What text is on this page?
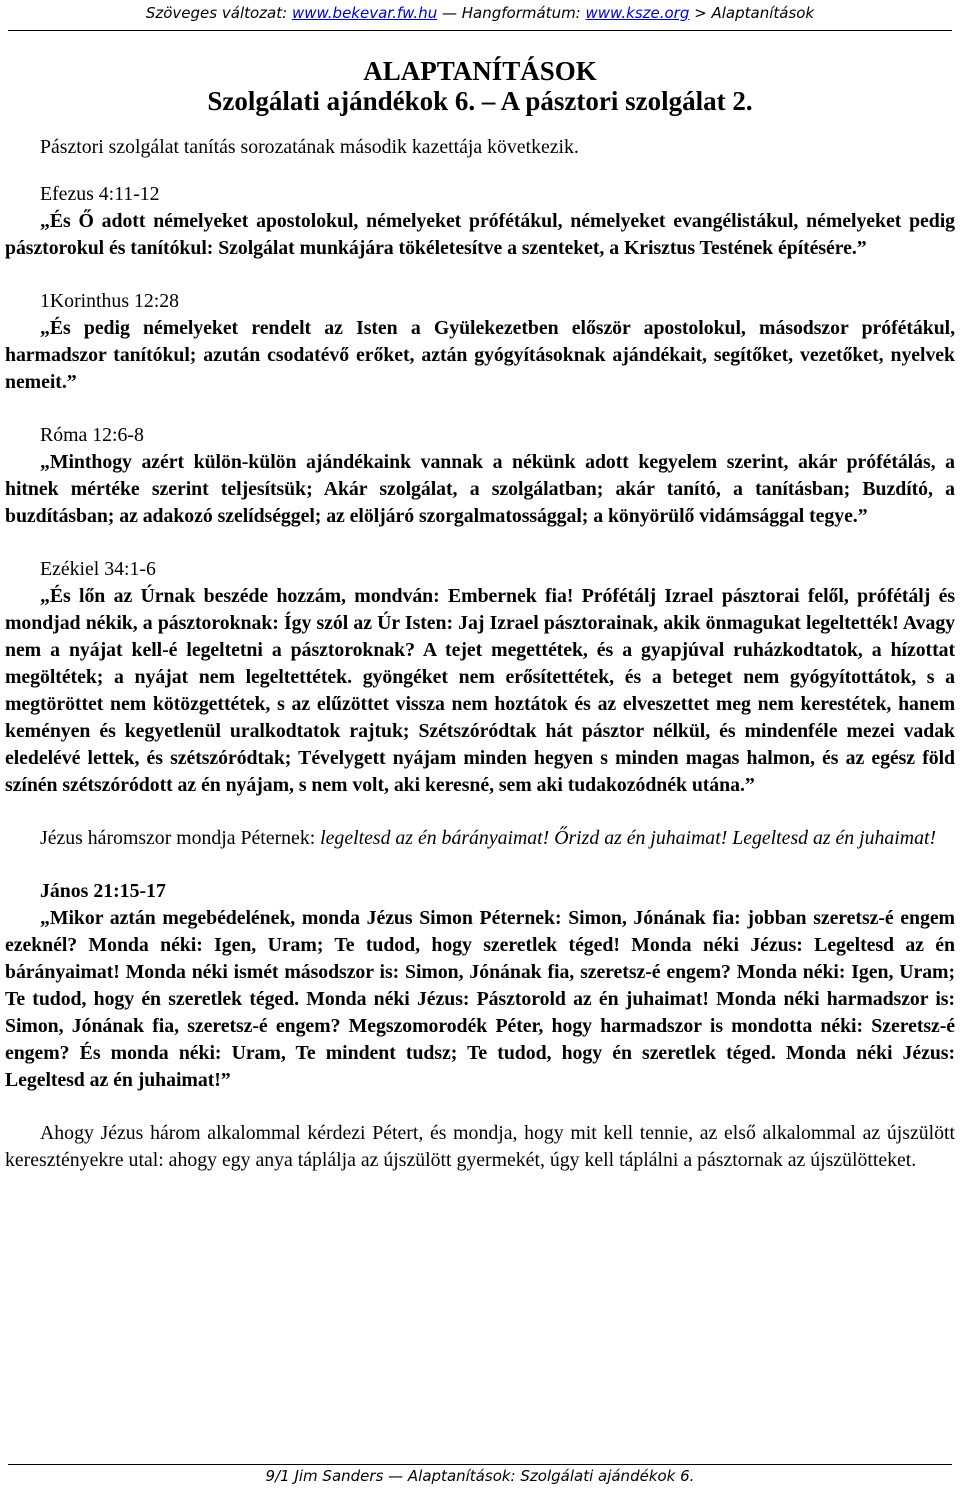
Szöveges változat: www.bekevar.fw.hu — Hangformátum: www.ksze.org > Alaptanítások

ALAPTANÍTÁSOK

Szolgálati ajándékok 6. – A pásztori szolgálat 2.

Pásztori szolgálat tanítás sorozatának második kazettája következik.

Efezus 4:11-12

„És Ő adott némelyeket apostolokul, némelyeket prófétákul, némelyeket evangélistákul, némelyeket pedig pásztorokul és tanítókul: Szolgálat munkájára tökéletesítve a szenteket, a Krisztus Testének építésére.”

1Korinthus 12:28

„És pedig némelyeket rendelt az Isten a Gyülekezetben először apostolokul, másodszor prófétákul, harmadszor tanítókul; azután csodatévő erőket, aztán gyógyításoknak ajándékait, segítőket, vezetőket, nyelvek nemeit.”

Róma 12:6-8

„Minthogy azért külön-külön ajándékaink vannak a nékünk adott kegyelem szerint, akár prófétálás, a hitnek mértéke szerint teljesítsük; Akár szolgálat, a szolgálatban; akár tanító, a tanításban; Buzdító, a buzdításban; az adakozó szelídséggel; az elöljáró szorgalmatossággal; a könyörülő vidámsággal tegye.”

Ezékiel 34:1-6

„És lőn az Úrnak beszéde hozzám, mondván: Embernek fia! Prófétálj Izrael pásztorai felől, prófétálj és mondjad nékik, a pásztoroknak: Így szól az Úr Isten: Jaj Izrael pásztorainak, akik önmagukat legeltették! Avagy nem a nyájat kell-é legeltetni a pásztoroknak? A tejet megettétek, és a gyapjúval ruházkodtatok, a hízottat megöltétek; a nyájat nem legeltettétek. gyöngéket nem erősítettétek, és a beteget nem gyógyítottátok, s a megtöröttet nem kötözgettétek, s az elűzöttet vissza nem hoztátok és az elveszettet meg nem kerestétek, hanem keményen és kegyetlenül uralkodtatok rajtuk; Szétszóródtak hát pásztor nélkül, és mindenféle mezei vadak eledelévé lettek, és szétszóródtak; Tévelygett nyájam minden hegyen s minden magas halmon, és az egész föld színén szétszóródott az én nyájam, s nem volt, aki keresné, sem aki tudakozódnék utána.”

Jézus háromszor mondja Péternek: legeltesd az én bárányaimat! Őrizd az én juhaimat! Legeltesd az én juhaimat!

János 21:15-17

„Mikor aztán megebédelének, monda Jézus Simon Péternek: Simon, Jónának fia: jobban szeretsz-é engem ezeknél? Monda néki: Igen, Uram; Te tudod, hogy szeretlek téged! Monda néki Jézus: Legeltesd az én bárányaimat! Monda néki ismét másodszor is: Simon, Jónának fia, szeretsz-é engem? Monda néki: Igen, Uram; Te tudod, hogy én szeretlek téged. Monda néki Jézus: Pásztorold az én juhaimat! Monda néki harmadszor is: Simon, Jónának fia, szeretsz-é engem? Megszomorodék Péter, hogy harmadszor is mondotta néki: Szeretsz-é engem? És monda néki: Uram, Te mindent tudsz; Te tudod, hogy én szeretlek téged. Monda néki Jézus: Legeltesd az én juhaimat!”

Ahogy Jézus három alkalommal kérdezi Pétert, és mondja, hogy mit kell tennie, az első alkalommal az újszülött keresztényekre utal: ahogy egy anya táplálja az újszülött gyermekét, úgy kell táplálni a pásztornak az újszülötteket.

9/1 Jim Sanders — Alaptanítások: Szolgálati ajándékok 6.
